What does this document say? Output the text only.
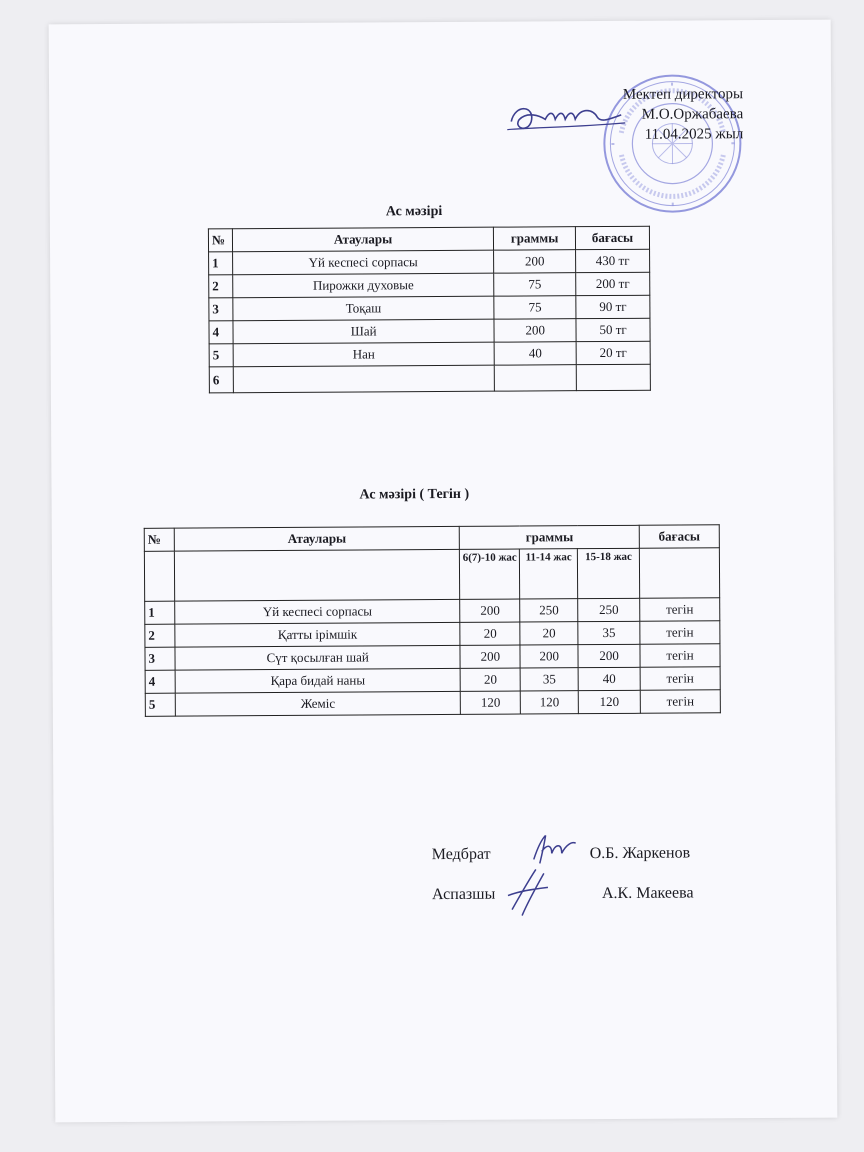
Мектеп директоры
М.О.Оржабаева
11.04.2025 жыл
Ас мәзірі
№	Атаулары	граммы	бағасы
1	Үй кеспесі сорпасы	200	430 тг
2	Пирожки духовые	75	200 тг
3	Тоқаш	75	90 тг
4	Шай	200	50 тг
5	Нан	40	20 тг
6			
Ас мәзірі ( Тегін )
№	Атаулары	граммы			бағасы
		6(7)-10 жас	11-14 жас	15-18 жас	
1	Үй кеспесі сорпасы	200	250	250	тегін
2	Қатты ірімшік	20	20	35	тегін
3	Сүт қосылған шай	200	200	200	тегін
4	Қара бидай наны	20	35	40	тегін
5	Жеміс	120	120	120	тегін
Медбрат	О.Б. Жаркенов
Аспазшы	А.К. Макеева
